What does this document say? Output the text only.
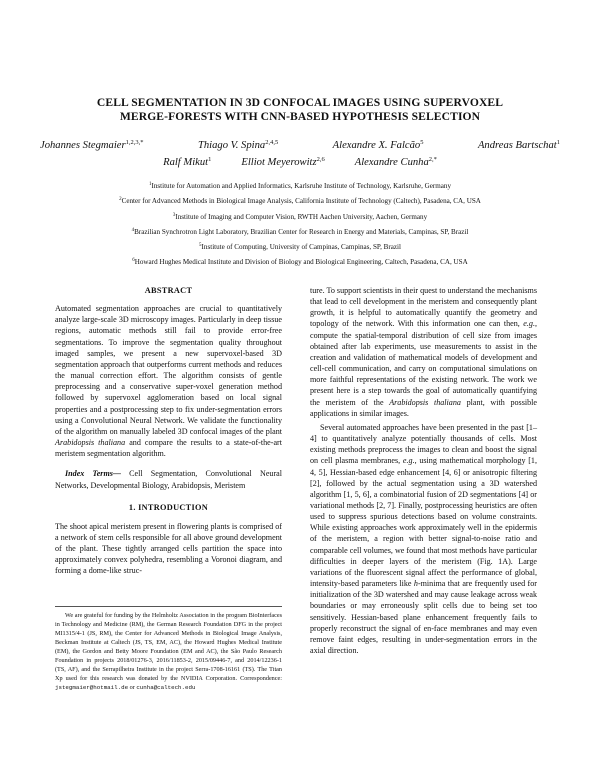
CELL SEGMENTATION IN 3D CONFOCAL IMAGES USING SUPERVOXEL
MERGE-FORESTS WITH CNN-BASED HYPOTHESIS SELECTION
Johannes Stegmaier$^{1,2,3,*}$	Thiago V. Spina$^{2,4,5}$	Alexandre X. Falcão$^5$	Andreas Bartschat$^1$
Ralf Mikut$^1$	Elliot Meyerowitz$^{2,6}$	Alexandre Cunha$^{2,*}$
$^1$Institute for Automation and Applied Informatics, Karlsruhe Institute of Technology, Karlsruhe, Germany
$^2$Center for Advanced Methods in Biological Image Analysis, California Institute of Technology (Caltech), Pasadena, CA, USA
$^3$Institute of Imaging and Computer Vision, RWTH Aachen University, Aachen, Germany
$^4$Brazilian Synchrotron Light Laboratory, Brazilian Center for Research in Energy and Materials, Campinas, SP, Brazil
$^5$Institute of Computing, University of Campinas, Campinas, SP, Brazil
$^6$Howard Hughes Medical Institute and Division of Biology and Biological Engineering, Caltech, Pasadena, CA, USA
ABSTRACT

Automated segmentation approaches are crucial to quantitatively analyze large-scale 3D microscopy images. Particularly in deep tissue regions, automatic methods still fail to provide error-free segmentations. To improve the segmentation quality throughout imaged samples, we present a new supervoxel-based 3D segmentation approach that outperforms current methods and reduces the manual correction effort. The algorithm consists of gentle preprocessing and a conservative super-voxel generation method followed by supervoxel agglomeration based on local signal properties and a postprocessing step to fix under-segmentation errors using a Convolutional Neural Network. We validate the functionality of the algorithm on manually labeled 3D confocal images of the plant Arabidopsis thaliana and compare the results to a state-of-the-art meristem segmentation algorithm.

Index Terms— Cell Segmentation, Convolutional Neural Networks, Developmental Biology, Arabidopsis, Meristem

1. INTRODUCTION

The shoot apical meristem present in flowering plants is comprised of a network of stem cells responsible for all above ground development of the plant. These tightly arranged cells partition the space into approximately convex polyhedra, resembling a Voronoi diagram, and forming a dome-like struc-

We are grateful for funding by the Helmholtz Association in the program BioInterfaces in Technology and Medicine (RM), the German Research Foundation DFG in the project MI1315/4-1 (JS, RM), the Center for Advanced Methods in Biological Image Analysis, Beckman Institute at Caltech (JS, TS, EM, AC), the Howard Hughes Medical Institute (EM), the Gordon and Betty Moore Foundation (EM and AC), the São Paulo Research Foundation in projects 2018/01276-3, 2016/11853-2, 2015/09446-7, and 2014/12236-1 (TS, AF), and the Serrapilheira Institute in the project Serra-1708-16161 (TS). The Titan Xp used for this research was donated by the NVIDIA Corporation. Correspondence: jstegmaier@hotmail.de or cunha@caltech.edu

ture. To support scientists in their quest to understand the mechanisms that lead to cell development in the meristem and consequently plant growth, it is helpful to automatically quantify the geometry and topology of the network. With this information one can then, e.g., compute the spatial-temporal distribution of cell size from images obtained after lab experiments, use measurements to assist in the creation and validation of mathematical models of development and cell-cell communication, and carry on computational simulations on more faithful representations of the existing network. The work we present here is a step towards the goal of automatically quantifying the meristem of the Arabidopsis thaliana plant, with possible applications in similar images.

Several automated approaches have been presented in the past [1–4] to quantitatively analyze potentially thousands of cells. Most existing methods preprocess the images to clean and boost the signal on cell plasma membranes, e.g., using mathematical morphology [1, 4, 5], Hessian-based edge enhancement [4, 6] or anisotropic filtering [2], followed by the actual segmentation using a 3D watershed algorithm [1, 5, 6], a combinatorial fusion of 2D segmentations [4] or variational methods [2, 7]. Finally, postprocessing heuristics are often used to suppress spurious detections based on volume constraints. While existing approaches work approximately well in the epidermis of the meristem, a region with better signal-to-noise ratio and comparable cell volumes, we found that most methods have particular difficulties in deeper layers of the meristem (Fig. 1A). Large variations of the fluorescent signal affect the performance of global, intensity-based parameters like h-minima that are frequently used for initialization of the 3D watershed and may cause leakage across weak boundaries or may erroneously split cells due to being set too sensitively. Hessian-based plane enhancement frequently fails to properly reconstruct the signal of en-face membranes and may even remove faint edges, resulting in under-segmentation errors in the axial direction.
